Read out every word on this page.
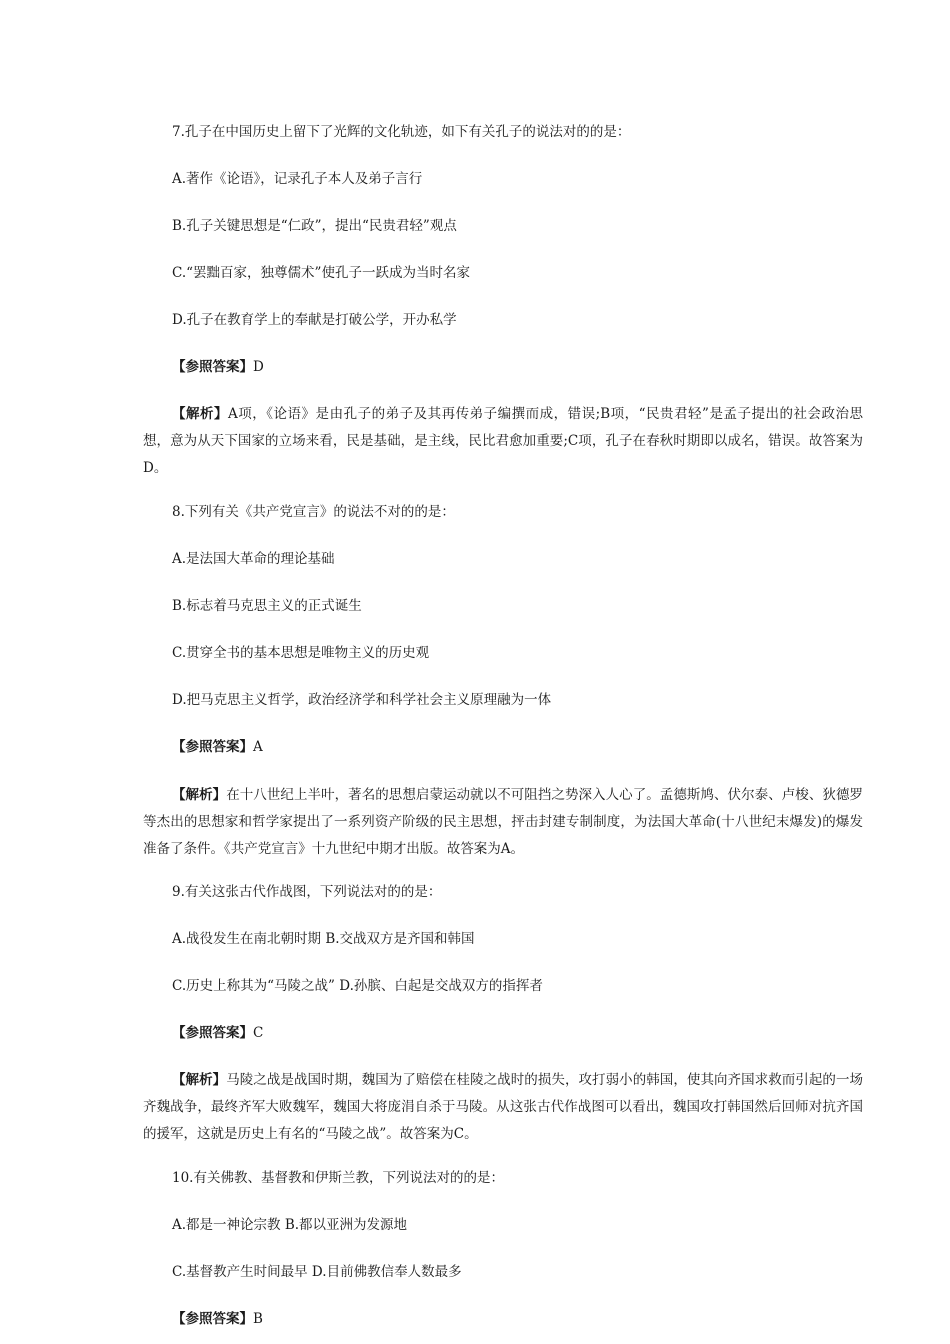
7.孔子在中国历史上留下了光辉的文化轨迹，如下有关孔子的说法对的的是：
A.著作《论语》，记录孔子本人及弟子言行
B.孔子关键思想是“仁政”，提出“民贵君轻”观点
C.“罢黜百家，独尊儒术”使孔子一跃成为当时名家
D.孔子在教育学上的奉献是打破公学，开办私学
【参照答案】D
【解析】A项，《论语》是由孔子的弟子及其再传弟子编撰而成，错误;B项，“民贵君轻”是孟子提出的社会政治思想，意为从天下国家的立场来看，民是基础，是主线，民比君愈加重要;C项，孔子在春秋时期即以成名，错误。故答案为D。
8.下列有关《共产党宣言》的说法不对的的是：
A.是法国大革命的理论基础
B.标志着马克思主义的正式诞生
C.贯穿全书的基本思想是唯物主义的历史观
D.把马克思主义哲学，政治经济学和科学社会主义原理融为一体
【参照答案】A
【解析】在十八世纪上半叶，著名的思想启蒙运动就以不可阻挡之势深入人心了。孟德斯鸠、伏尔泰、卢梭、狄德罗等杰出的思想家和哲学家提出了一系列资产阶级的民主思想，抨击封建专制制度，为法国大革命(十八世纪末爆发)的爆发准备了条件。《共产党宣言》十九世纪中期才出版。故答案为A。
9.有关这张古代作战图，下列说法对的的是：
A.战役发生在南北朝时期 B.交战双方是齐国和韩国
C.历史上称其为“马陵之战” D.孙膑、白起是交战双方的指挥者
【参照答案】C
【解析】马陵之战是战国时期，魏国为了赔偿在桂陵之战时的损失，攻打弱小的韩国，使其向齐国求救而引起的一场齐魏战争，最终齐军大败魏军，魏国大将庞涓自杀于马陵。从这张古代作战图可以看出，魏国攻打韩国然后回师对抗齐国的援军，这就是历史上有名的“马陵之战”。故答案为C。
10.有关佛教、基督教和伊斯兰教，下列说法对的的是：
A.都是一神论宗教 B.都以亚洲为发源地
C.基督教产生时间最早 D.目前佛教信奉人数最多
【参照答案】B
